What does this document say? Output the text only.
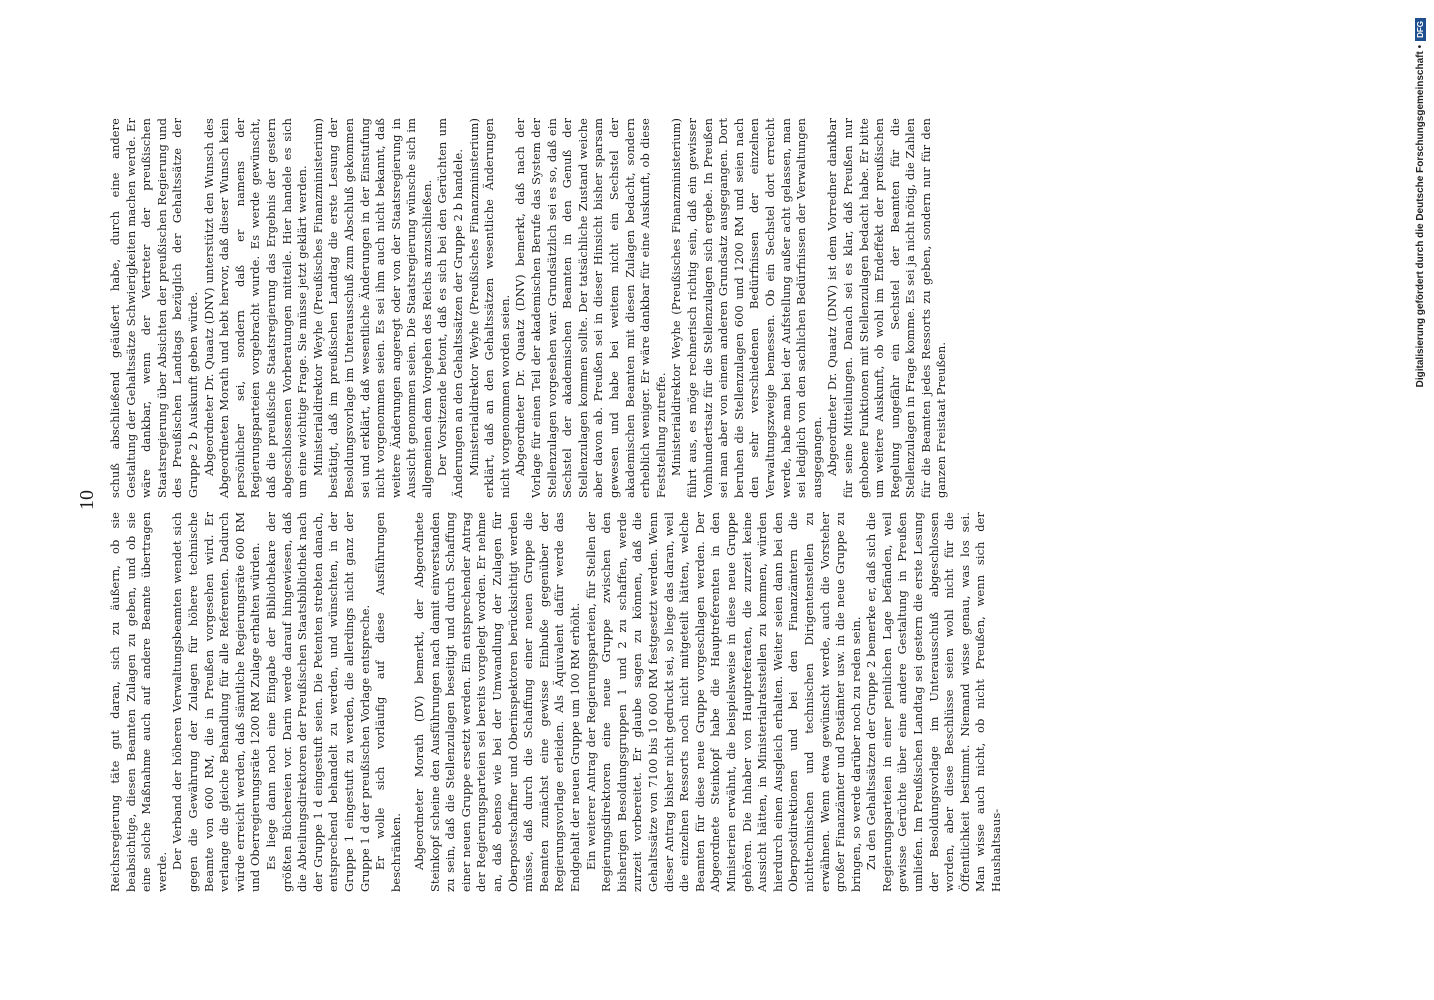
10

Reichsregierung täte gut daran, sich zu äußern, ob sie beabsichtige, diesen Beamten Zulagen zu geben, und ob sie eine solche Maßnahme auch auf andere Beamte übertragen werde.

Der Verband der höheren Verwaltungsbeamten wendet sich gegen die Gewährung der Zulagen für höhere technische Beamte von 600 RM, die in Preußen vorgesehen wird. Er verlange die gleiche Behandlung für alle Referenten. Dadurch würde erreicht werden, daß sämtliche Regierungsräte 600 RM und Oberregierungsräte 1200 RM Zulage erhalten würden. Es liege dann noch eine Eingabe der Bibliothekare der größten Büchereien vor. Darin werde darauf hingewiesen, daß die Abteilungsdirektoren der Preußischen Staatsbibliothek nach der Gruppe 1 d eingestuft seien. Die Petenten strebten danach, entsprechend behandelt zu werden, und wünschten, in der Gruppe 1 eingestuft zu werden, die allerdings nicht ganz der Gruppe 1 d der preußischen Vorlage entspreche. Er wolle sich vorläufig auf diese Ausführungen beschränken. Abgeordneter Morath (DV) bemerkt, der Abgeordnete Steinkopf scheine den Ausführungen nach damit einverstanden zu sein, daß die Stellenzulagen beseitigt und durch Schaffung einer neuen Gruppe ersetzt werden. Ein entsprechender Antrag der Regierungsparteien sei bereits vorgelegt worden. Er nehme an, daß ebenso wie bei der Umwandlung der Zulagen für Oberpostschaffner und Oberinspektoren berücksichtigt werden müsse, daß durch die Schaffung einer neuen Gruppe die Beamten zunächst eine gewisse Einbuße gegenüber der Regierungsvorlage erleiden. Als Äquivalent dafür werde das Endgehalt der neuen Gruppe um 100 RM erhöht. Ein weiterer Antrag der Regierungsparteien, für Stellen der Regierungsdirektoren eine neue Gruppe zwischen den bisherigen Besoldungsgruppen 1 und 2 zu schaffen, werde zurzeit vorbereitet. Er glaube sagen zu können, daß die Gehaltssätze von 7100 bis 10 600 RM festgesetzt werden. Wenn dieser Antrag bisher nicht gedruckt sei, so liege das daran, weil die einzelnen Ressorts noch nicht mitgeteilt hätten, welche Beamten für diese neue Gruppe vorgeschlagen werden. Der Abgeordnete Steinkopf habe die Hauptreferenten in den Ministerien erwähnt, die beispielsweise in diese neue Gruppe gehören. Die Inhaber von Hauptreferaten, die zurzeit keine Aussicht hätten, in Ministerialratsstellen zu kommen, würden hierdurch einen Ausgleich erhalten. Weiter seien dann bei den Oberpostdirektionen und bei den Finanzämtern die nichttechnischen und technischen Dirigentenstellen zu erwähnen. Wenn etwa gewünscht werde, auch die Vorsteher großer Finanzämter und Postämter usw. in die neue Gruppe zu bringen, so werde darüber noch zu reden sein. Zu den Gehaltssätzen der Gruppe 2 bemerke er, daß sich die Regierungsparteien in einer peinlichen Lage befänden, weil gewisse Gerüchte über eine andere Gestaltung in Preußen umliefen. Im Preußischen Landtag sei gestern die erste Lesung der Besoldungsvorlage im Unterausschuß abgeschlossen worden, aber diese Beschlüsse seien wohl nicht für die Öffentlichkeit bestimmt. Niemand wisse genau, was los sei. Man wisse auch nicht, ob nicht Preußen, wenn sich der Haushaltsaus-

schuß abschließend geäußert habe, durch eine andere Gestaltung der Gehaltssätze Schwierigkeiten machen werde. Er wäre dankbar, wenn der Vertreter der preußischen Staatsregierung über Absichten der preußischen Regierung und des Preußischen Landtags bezüglich der Gehaltssätze der Gruppe 2 b Auskunft geben würde. Abgeordneter Dr. Quaatz (DNV) unterstützt den Wunsch des Abgeordneten Morath und hebt hervor, daß dieser Wunsch kein persönlicher sei, sondern daß er namens der Regierungsparteien vorgebracht wurde. Es werde gewünscht, daß die preußische Staatsregierung das Ergebnis der gestern abgeschlossenen Vorberatungen mitteile. Hier handele es sich um eine wichtige Frage. Sie müsse jetzt geklärt werden. Ministerialdirektor Weyhe (Preußisches Finanzministerium) bestätigt, daß im preußischen Landtag die erste Lesung der Besoldungsvorlage im Unterausschuß zum Abschluß gekommen sei und erklärt, daß wesentliche Änderungen in der Einstufung nicht vorgenommen seien. Es sei ihm auch nicht bekannt, daß weitere Änderungen angeregt oder von der Staatsregierung in Aussicht genommen seien. Die Staatsregierung wünsche sich im allgemeinen dem Vorgehen des Reichs anzuschließen. Der Vorsitzende betont, daß es sich bei den Gerüchten um Änderungen an den Gehaltssätzen der Gruppe 2 b handele. Ministerialdirektor Weyhe (Preußisches Finanzministerium) erklärt, daß an den Gehaltssätzen wesentliche Änderungen nicht vorgenommen worden seien. Abgeordneter Dr. Quaatz (DNV) bemerkt, daß nach der Vorlage für einen Teil der akademischen Berufe das System der Stellenzulagen vorgesehen war. Grundsätzlich sei es so, daß ein Sechstel der akademischen Beamten in den Genuß der Stellenzulagen kommen sollte. Der tatsächliche Zustand weiche aber davon ab. Preußen sei in dieser Hinsicht bisher sparsam gewesen und habe bei weitem nicht ein Sechstel der akademischen Beamten mit diesen Zulagen bedacht, sondern erheblich weniger. Er wäre dankbar für eine Auskunft, ob diese Feststellung zutreffe. Ministerialdirektor Weyhe (Preußisches Finanzministerium) führt aus, es möge rechnerisch richtig sein, daß ein gewisser Vomhundertsatz für die Stellenzulagen sich ergebe. In Preußen sei man aber von einem anderen Grundsatz ausgegangen. Dort beruhen die Stellenzulagen 600 und 1200 RM und seien nach den sehr verschiedenen Bedürfnissen der einzelnen Verwaltungszweige bemessen. Ob ein Sechstel dort erreicht werde, habe man bei der Aufstellung außer acht gelassen, man sei lediglich von den sachlichen Bedürfnissen der Verwaltungen ausgegangen. Abgeordneter Dr. Quaatz (DNV) ist dem Vorredner dankbar für seine Mitteilungen. Danach sei es klar, daß Preußen nur gehobene Funktionen mit Stellenzulagen bedacht habe. Er bitte um weitere Auskunft, ob wohl im Endeffekt der preußischen Regelung ungefähr ein Sechstel der Beamten für die Stellenzulagen in Frage komme. Es sei ja nicht nötig, die Zahlen für die Beamten jedes Ressorts zu geben, sondern nur für den ganzen Freistaat Preußen.

Digitalisierung gefördert durch die Deutsche Forschungsgemeinschaft •
DFG
